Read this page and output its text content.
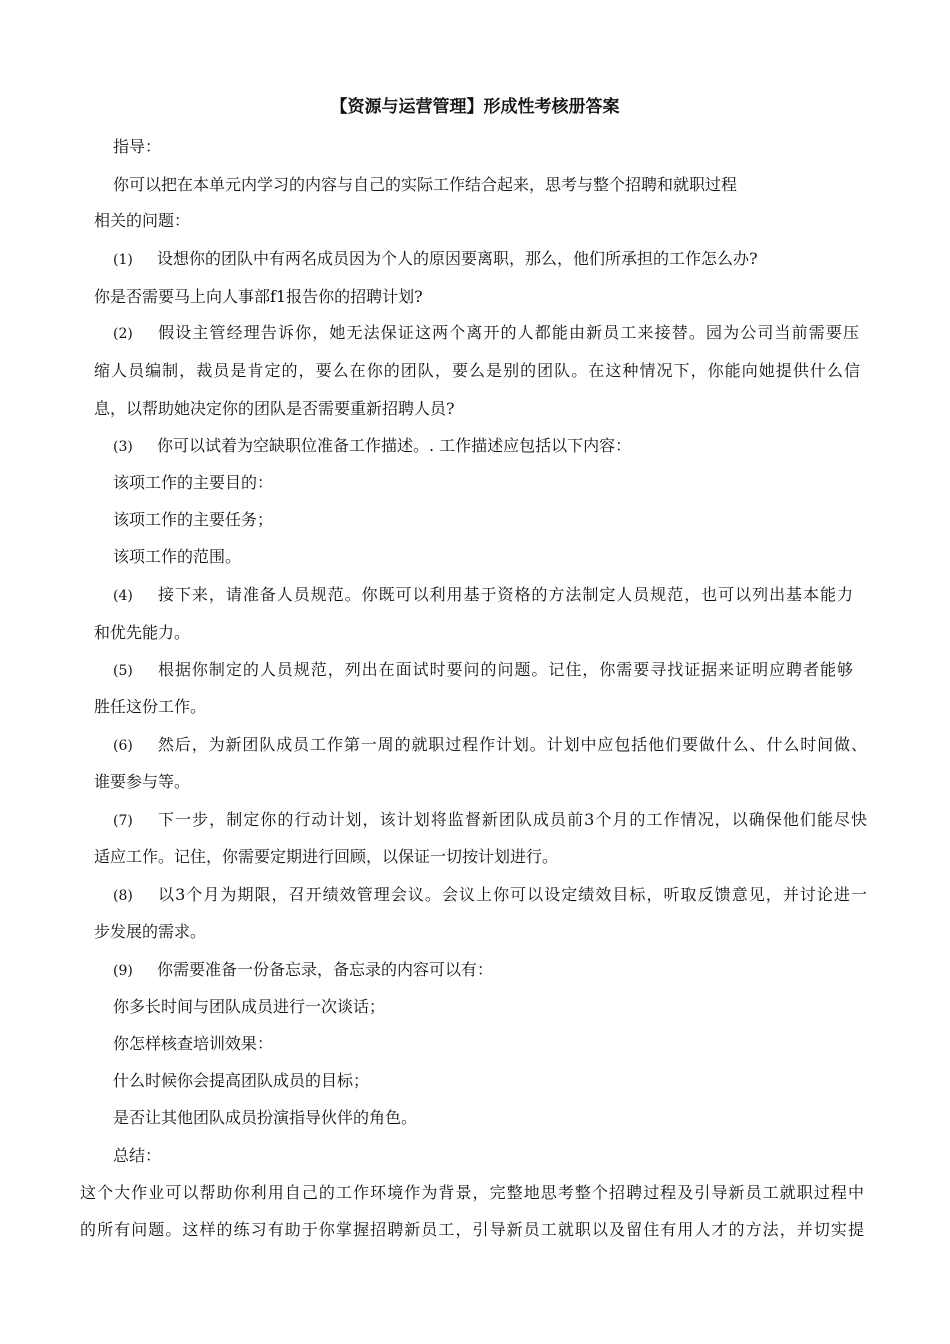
【资源与运营管理】形成性考核册答案
指导：
你可以把在本单元内学习的内容与自己的实际工作结合起来，思考与整个招聘和就职过程
相关的问题：
(1) 设想你的团队中有两名成员因为个人的原因要离职，那么，他们所承担的工作怎么办?
你是否需要马上向人事部f1报告你的招聘计划?
(2) 假设主管经理告诉你，她无法保证这两个离开的人都能由新员工来接替。园为公司当前需要压
缩人员编制，裁员是肯定的，要么在你的团队，要么是别的团队。在这种情况下，你能向她提供什么信
息，以帮助她决定你的团队是否需要重新招聘人员?
(3) 你可以试着为空缺职位准备工作描述。. 工作描述应包括以下内容：
该项工作的主要目的：
该项工作的主要任务；
该项工作的范围。
(4) 接下来，请准备人员规范。你既可以利用基于资格的方法制定人员规范，也可以列出基本能力
和优先能力。
(5) 根据你制定的人员规范，列出在面试时要问的问题。记住，你需要寻找证据来证明应聘者能够
胜任这份工作。
(6) 然后，为新团队成员工作第一周的就职过程作计划。计划中应包括他们要做什么、什么时间做、
谁要参与等。
(7) 下一步，制定你的行动计划，该计划将监督新团队成员前3个月的工作情况，以确保他们能尽快
适应工作。记住，你需要定期进行回顾，以保证一切按计划进行。
(8) 以3个月为期限，召开绩效管理会议。会议上你可以设定绩效目标，听取反馈意见，并讨论进一
步发展的需求。
(9) 你需要准备一份备忘录，备忘录的内容可以有：
你多长时间与团队成员进行一次谈话；
你怎样核查培训效果：
什么时候你会提高团队成员的目标；
是否让其他团队成员扮演指导伙伴的角色。
总结：
这个大作业可以帮助你利用自己的工作环境作为背景，完整地思考整个招聘过程及引导新员工就职过程中
的所有问题。这样的练习有助于你掌握招聘新员工，引导新员工就职以及留住有用人才的方法，并切实提
